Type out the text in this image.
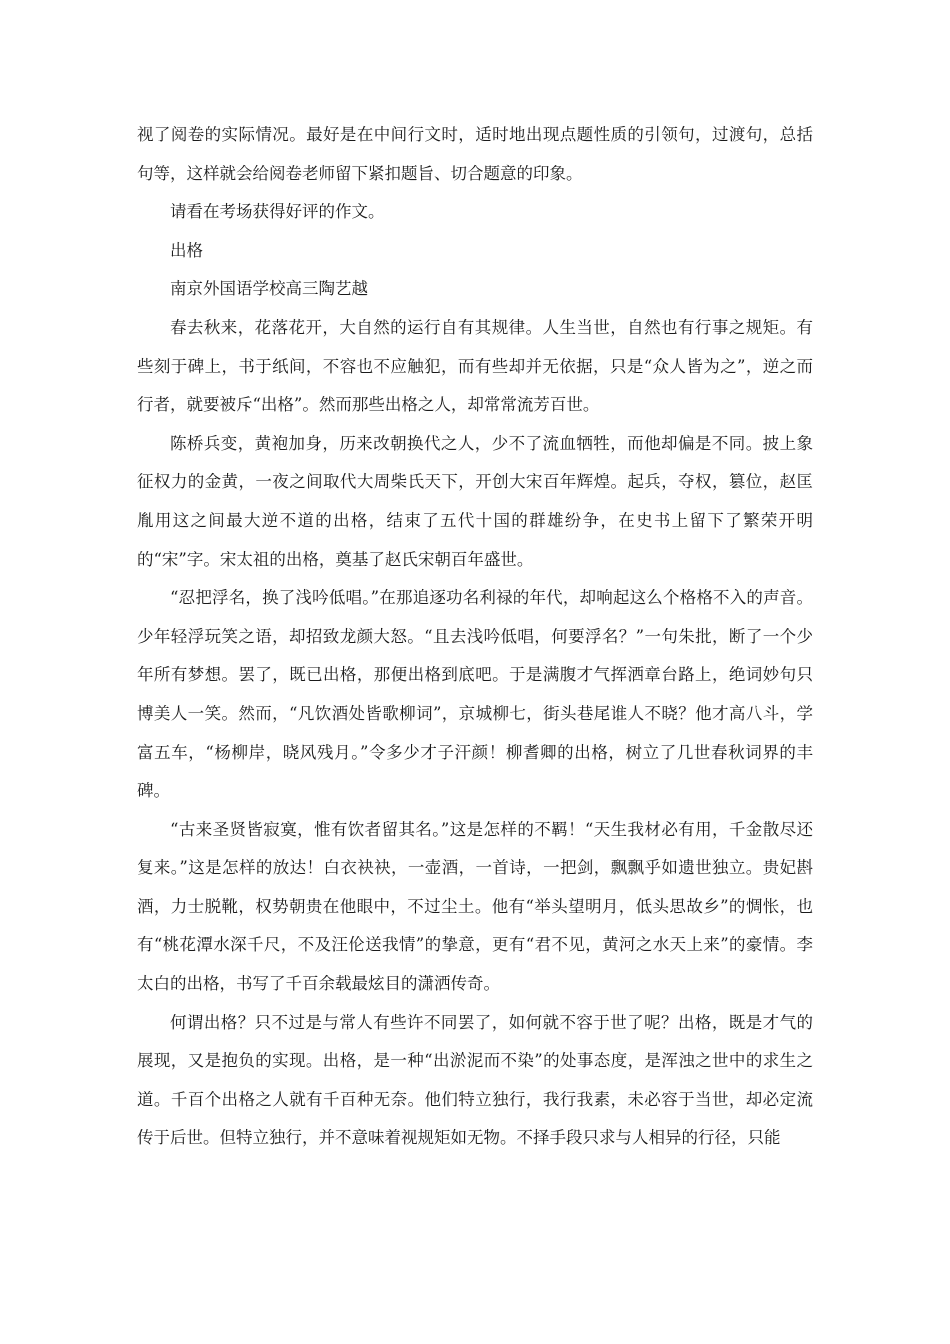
视了阅卷的实际情况。最好是在中间行文时，适时地出现点题性质的引领句，过渡句，总括句等，这样就会给阅卷老师留下紧扣题旨、切合题意的印象。

请看在考场获得好评的作文。

出格

南京外国语学校高三陶艺越

春去秋来，花落花开，大自然的运行自有其规律。人生当世，自然也有行事之规矩。有些刻于碑上，书于纸间，不容也不应触犯，而有些却并无依据，只是“众人皆为之”，逆之而行者，就要被斥“出格”。然而那些出格之人，却常常流芳百世。

陈桥兵变，黄袍加身，历来改朝换代之人，少不了流血牺牲，而他却偏是不同。披上象征权力的金黄，一夜之间取代大周柴氏天下，开创大宋百年辉煌。起兵，夺权，篡位，赵匡胤用这之间最大逆不道的出格，结束了五代十国的群雄纷争，在史书上留下了繁荣开明的“宋”字。宋太祖的出格，奠基了赵氏宋朝百年盛世。

“忍把浮名，换了浅吟低唱。”在那追逐功名利禄的年代，却响起这么个格格不入的声音。少年轻浮玩笑之语，却招致龙颜大怒。“且去浅吟低唱，何要浮名？”一句朱批，断了一个少年所有梦想。罢了，既已出格，那便出格到底吧。于是满腹才气挥洒章台路上，绝词妙句只博美人一笑。然而，“凡饮酒处皆歌柳词”，京城柳七，街头巷尾谁人不晓？他才高八斗，学富五车，“杨柳岸，晓风残月。”令多少才子汗颜！柳耆卿的出格，树立了几世春秋词界的丰碑。

“古来圣贤皆寂寞，惟有饮者留其名。”这是怎样的不羁！“天生我材必有用，千金散尽还复来。”这是怎样的放达！白衣袂袂，一壶酒，一首诗，一把剑，飘飘乎如遗世独立。贵妃斟酒，力士脱靴，权势朝贵在他眼中，不过尘土。他有“举头望明月，低头思故乡”的惆怅，也有“桃花潭水深千尺，不及汪伦送我情”的挚意，更有“君不见，黄河之水天上来”的豪情。李太白的出格，书写了千百余载最炫目的潇洒传奇。

何谓出格？只不过是与常人有些许不同罢了，如何就不容于世了呢？出格，既是才气的展现，又是抱负的实现。出格，是一种“出淤泥而不染”的处事态度，是浑浊之世中的求生之道。千百个出格之人就有千百种无奈。他们特立独行，我行我素，未必容于当世，却必定流传于后世。但特立独行，并不意味着视规矩如无物。不择手段只求与人相异的行径，只能
